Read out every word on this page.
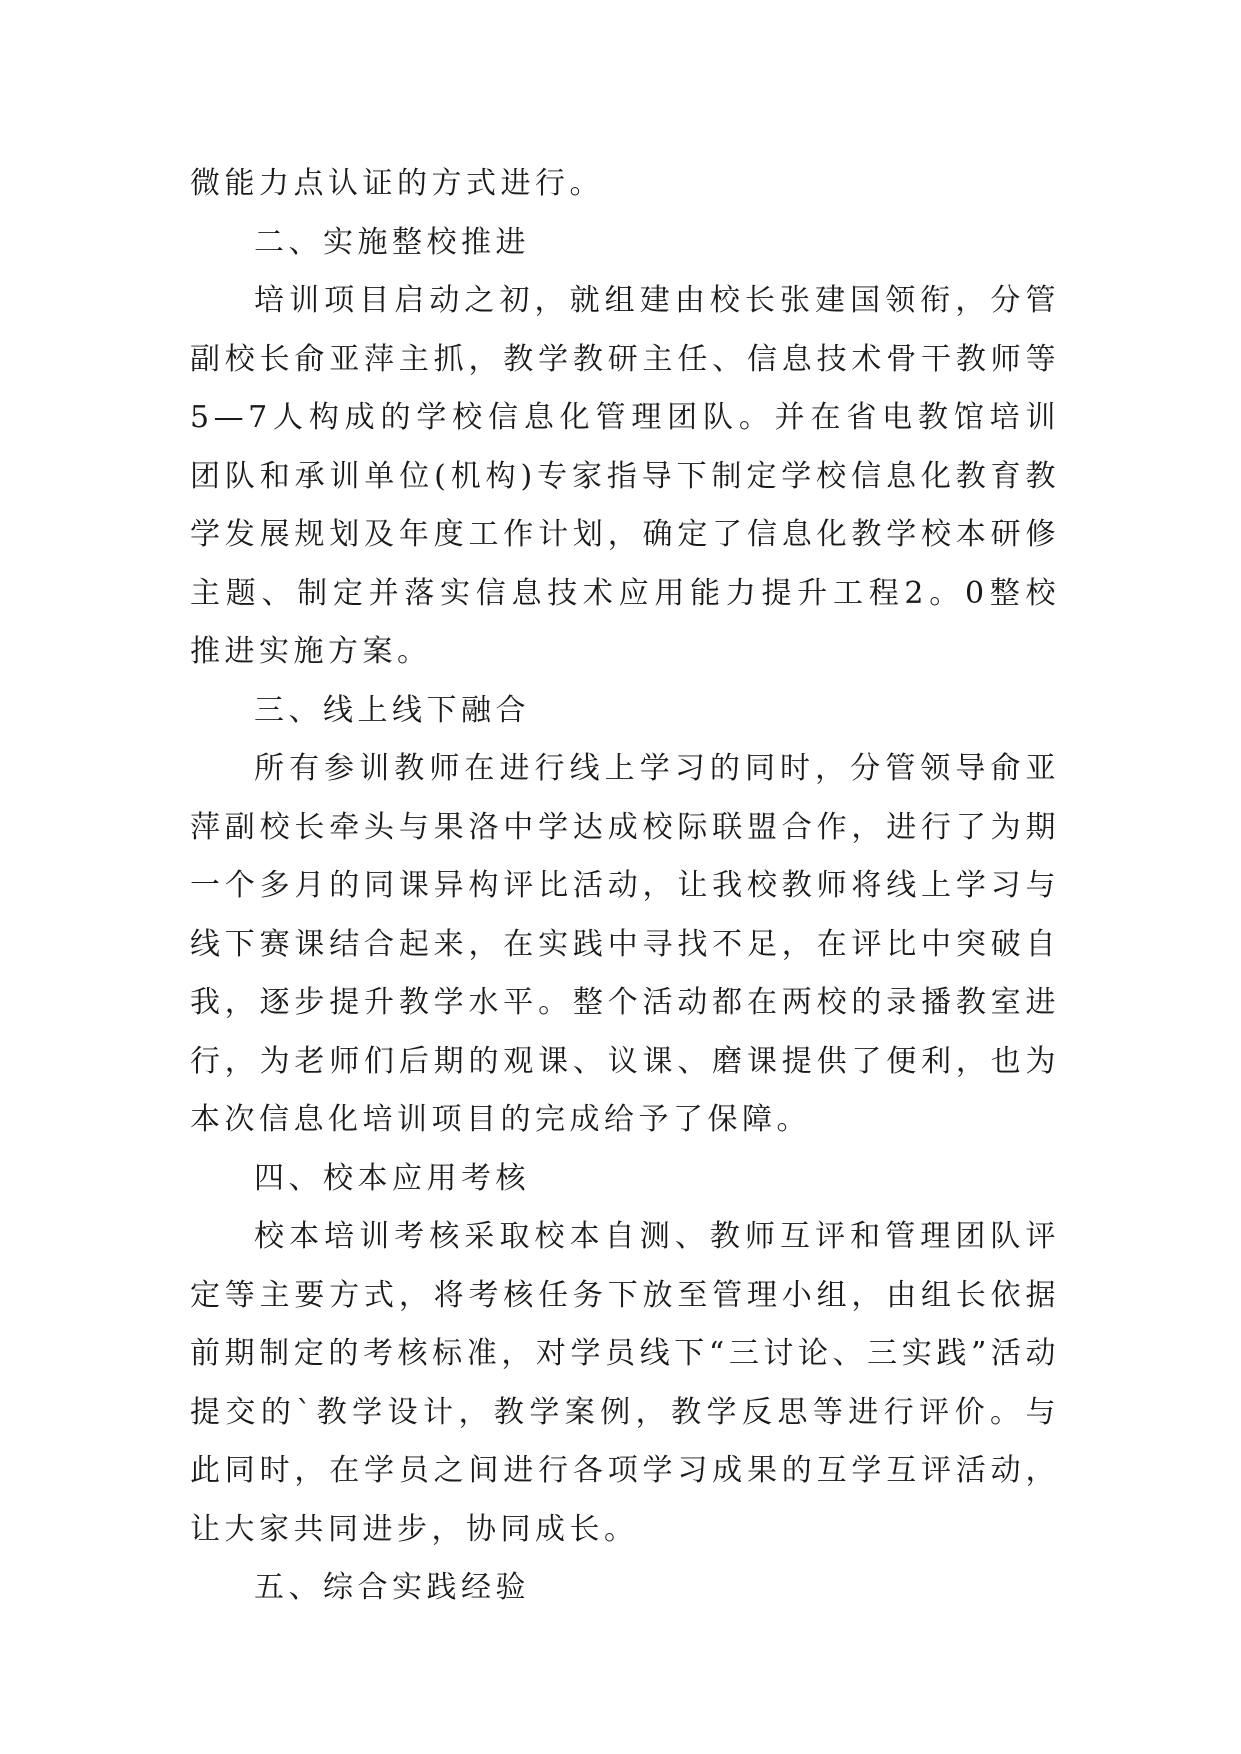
微能力点认证的方式进行。

二、实施整校推进

培训项目启动之初，就组建由校长张建国领衔，分管副校长俞亚萍主抓，教学教研主任、信息技术骨干教师等5—7人构成的学校信息化管理团队。并在省电教馆培训团队和承训单位(机构)专家指导下制定学校信息化教育教学发展规划及年度工作计划，确定了信息化教学校本研修主题、制定并落实信息技术应用能力提升工程2。0整校推进实施方案。

三、线上线下融合

所有参训教师在进行线上学习的同时，分管领导俞亚萍副校长牵头与果洛中学达成校际联盟合作，进行了为期一个多月的同课异构评比活动，让我校教师将线上学习与线下赛课结合起来，在实践中寻找不足，在评比中突破自我，逐步提升教学水平。整个活动都在两校的录播教室进行，为老师们后期的观课、议课、磨课提供了便利，也为本次信息化培训项目的完成给予了保障。

四、校本应用考核

校本培训考核采取校本自测、教师互评和管理团队评定等主要方式，将考核任务下放至管理小组，由组长依据前期制定的考核标准，对学员线下“三讨论、三实践”活动提交的`教学设计，教学案例，教学反思等进行评价。与此同时，在学员之间进行各项学习成果的互学互评活动，让大家共同进步，协同成长。

五、综合实践经验
